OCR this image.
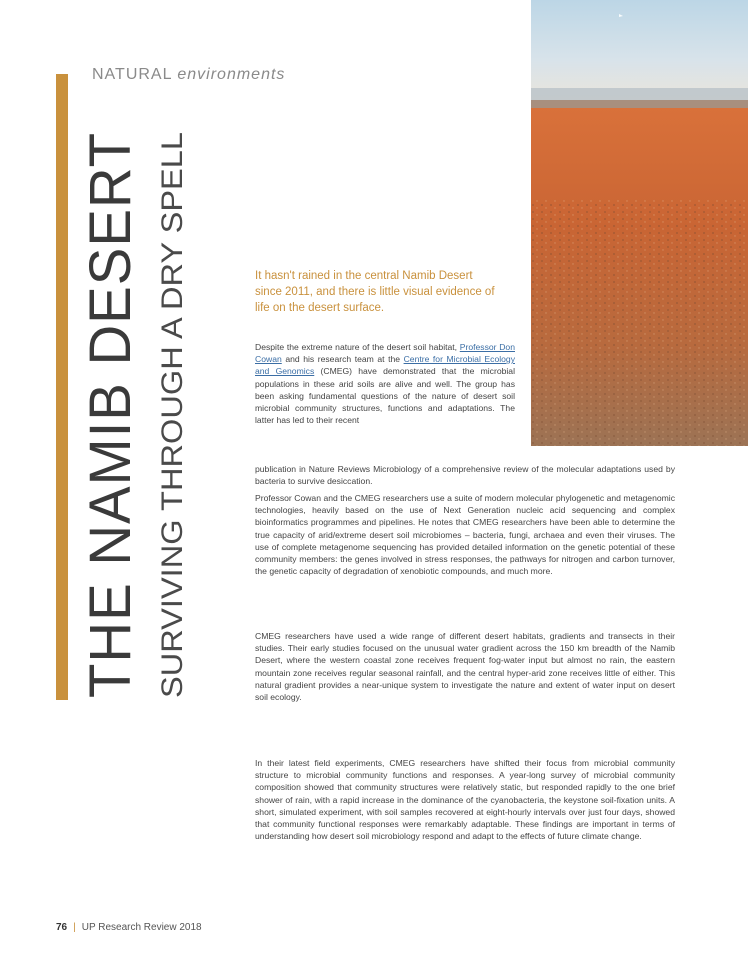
NATURAL environments
THE NAMIB DESERT SURVIVING THROUGH A DRY SPELL	It hasn't rained in the central Namib Desert since 2011, and there is little visual evidence of life on the desert surface.
Despite the extreme nature of the desert soil habitat, Professor Don Cowan and his research team at the Centre for Microbial Ecology and Genomics (CMEG) have demonstrated that the microbial populations in these arid soils are alive and well. The group has been asking fundamental questions of the nature of desert soil microbial community structures, functions and adaptations. The latter has led to their recent
publication in Nature Reviews Microbiology of a comprehensive review of the molecular adaptations used by bacteria to survive desiccation.
Professor Cowan and the CMEG researchers use a suite of modern molecular phylogenetic and metagenomic technologies, heavily based on the use of Next Generation nucleic acid sequencing and complex bioinformatics programmes and pipelines. He notes that CMEG researchers have been able to determine the true capacity of arid/extreme desert soil microbiomes – bacteria, fungi, archaea and even their viruses. The use of complete metagenome sequencing has provided detailed information on the genetic potential of these community members: the genes involved in stress responses, the pathways for nitrogen and carbon turnover, the genetic capacity of degradation of xenobiotic compounds, and much more.
CMEG researchers have used a wide range of different desert habitats, gradients and transects in their studies. Their early studies focused on the unusual water gradient across the 150 km breadth of the Namib Desert, where the western coastal zone receives frequent fog-water input but almost no rain, the eastern mountain zone receives regular seasonal rainfall, and the central hyper-arid zone receives little of either. This natural gradient provides a near-unique system to investigate the nature and extent of water input on desert soil ecology.
In their latest field experiments, CMEG researchers have shifted their focus from microbial community structure to microbial community functions and responses. A year-long survey of microbial community composition showed that community structures were relatively static, but responded rapidly to the one brief shower of rain, with a rapid increase in the dominance of the cyanobacteria, the keystone soil-fixation units. A short, simulated experiment, with soil samples recovered at eight-hourly intervals over just four days, showed that community functional responses were remarkably adaptable. These findings are important in terms of understanding how desert soil microbiology respond and adapt to the effects of future climate change.
76 | UP Research Review 2018
